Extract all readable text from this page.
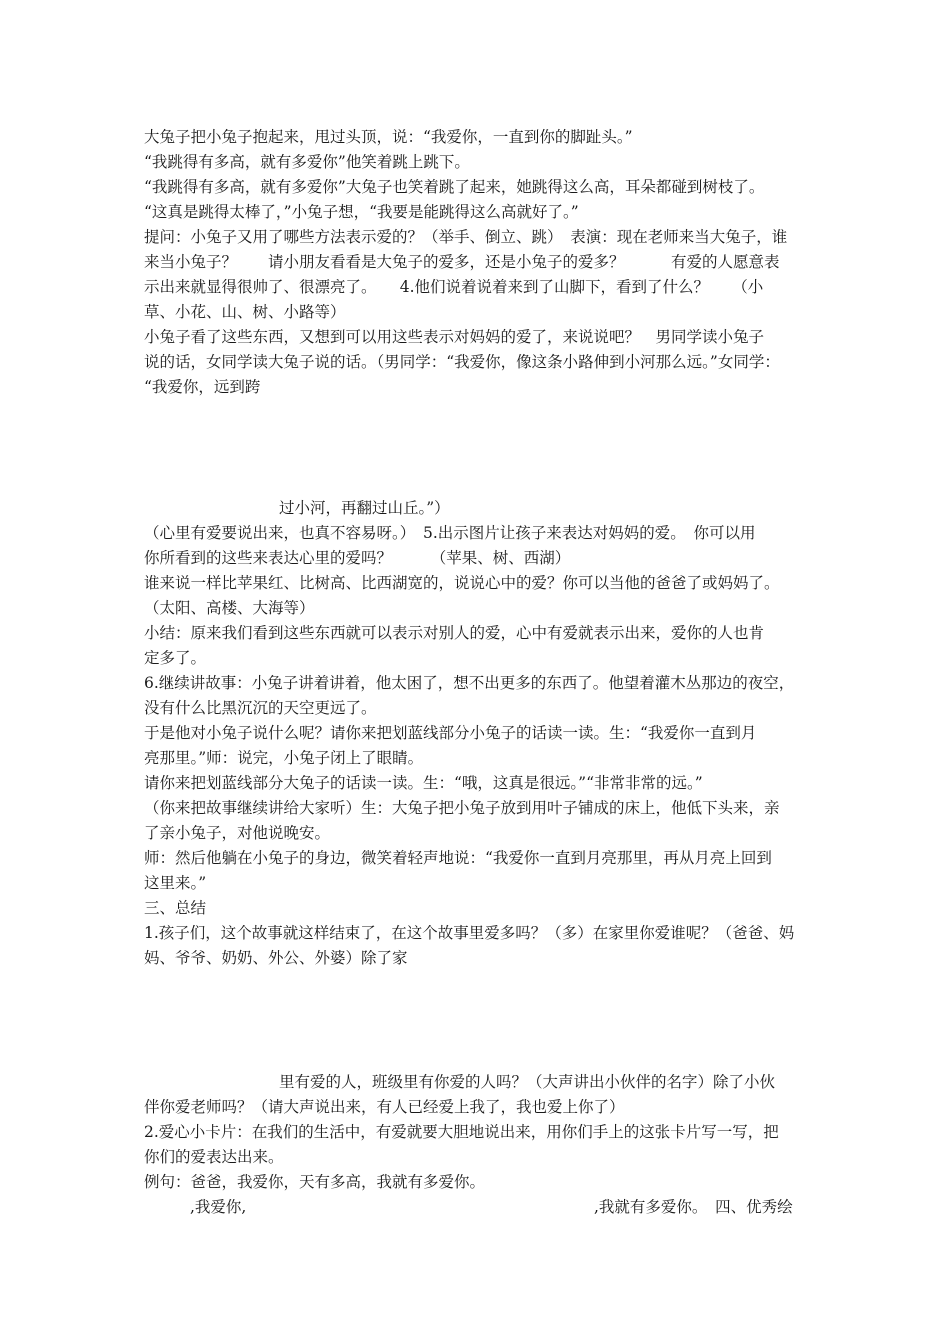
大兔子把小兔子抱起来，甩过头顶，说：“我爱你，一直到你的脚趾头。”

“我跳得有多高，就有多爱你”他笑着跳上跳下。

“我跳得有多高，就有多爱你”大兔子也笑着跳了起来，她跳得这么高，耳朵都碰到树枝了。

“这真是跳得太棒了，”小兔子想，“我要是能跳得这么高就好了。”

提问：小兔子又用了哪些方法表示爱的？（举手、倒立、跳）　表演：现在老师来当大兔子，谁

来当小兔子？　　请小朋友看看是大兔子的爱多，还是小兔子的爱多？　　　有爱的人愿意表

示出来就显得很帅了、很漂亮了。　　4.他们说着说着来到了山脚下，看到了什么？　　（小

草、小花、山、树、小路等）

小兔子看了这些东西，又想到可以用这些表示对妈妈的爱了，来说说吧？　男同学读小兔子

说的话，女同学读大兔子说的话。（男同学：“我爱你，像这条小路伸到小河那么远。”女同学：

“我爱你，远到跨

过小河，再翻过山丘。”）

（心里有爱要说出来，也真不容易呀。）　5.出示图片让孩子来表达对妈妈的爱。　你可以用

你所看到的这些来表达心里的爱吗？　　　（苹果、树、西湖）

谁来说一样比苹果红、比树高、比西湖宽的，说说心中的爱？你可以当他的爸爸了或妈妈了。

（太阳、高楼、大海等）

小结：原来我们看到这些东西就可以表示对别人的爱，心中有爱就表示出来，爱你的人也肯

定多了。

6.继续讲故事：小兔子讲着讲着，他太困了，想不出更多的东西了。他望着灌木丛那边的夜空，

没有什么比黑沉沉的天空更远了。

于是他对小兔子说什么呢？请你来把划蓝线部分小兔子的话读一读。生：“我爱你一直到月

亮那里。”师：说完，小兔子闭上了眼睛。

请你来把划蓝线部分大兔子的话读一读。生：“哦，这真是很远。”“非常非常的远。”

（你来把故事继续讲给大家听）生：大兔子把小兔子放到用叶子铺成的床上，他低下头来，亲

了亲小兔子，对他说晚安。

师：然后他躺在小兔子的身边，微笑着轻声地说：“我爱你一直到月亮那里，再从月亮上回到

这里来。”

三、总结

1.孩子们，这个故事就这样结束了，在这个故事里爱多吗？（多）在家里你爱谁呢？（爸爸、妈

妈、爷爷、奶奶、外公、外婆）除了家

里有爱的人，班级里有你爱的人吗？（大声讲出小伙伴的名字）除了小伙

伴你爱老师吗？（请大声说出来，有人已经爱上我了，我也爱上你了）

2.爱心小卡片：在我们的生活中，有爱就要大胆地说出来，用你们手上的这张卡片写一写，把

你们的爱表达出来。

例句：爸爸，我爱你，天有多高，我就有多爱你。

,我爱你,	,我就有多爱你。　四、优秀绘
